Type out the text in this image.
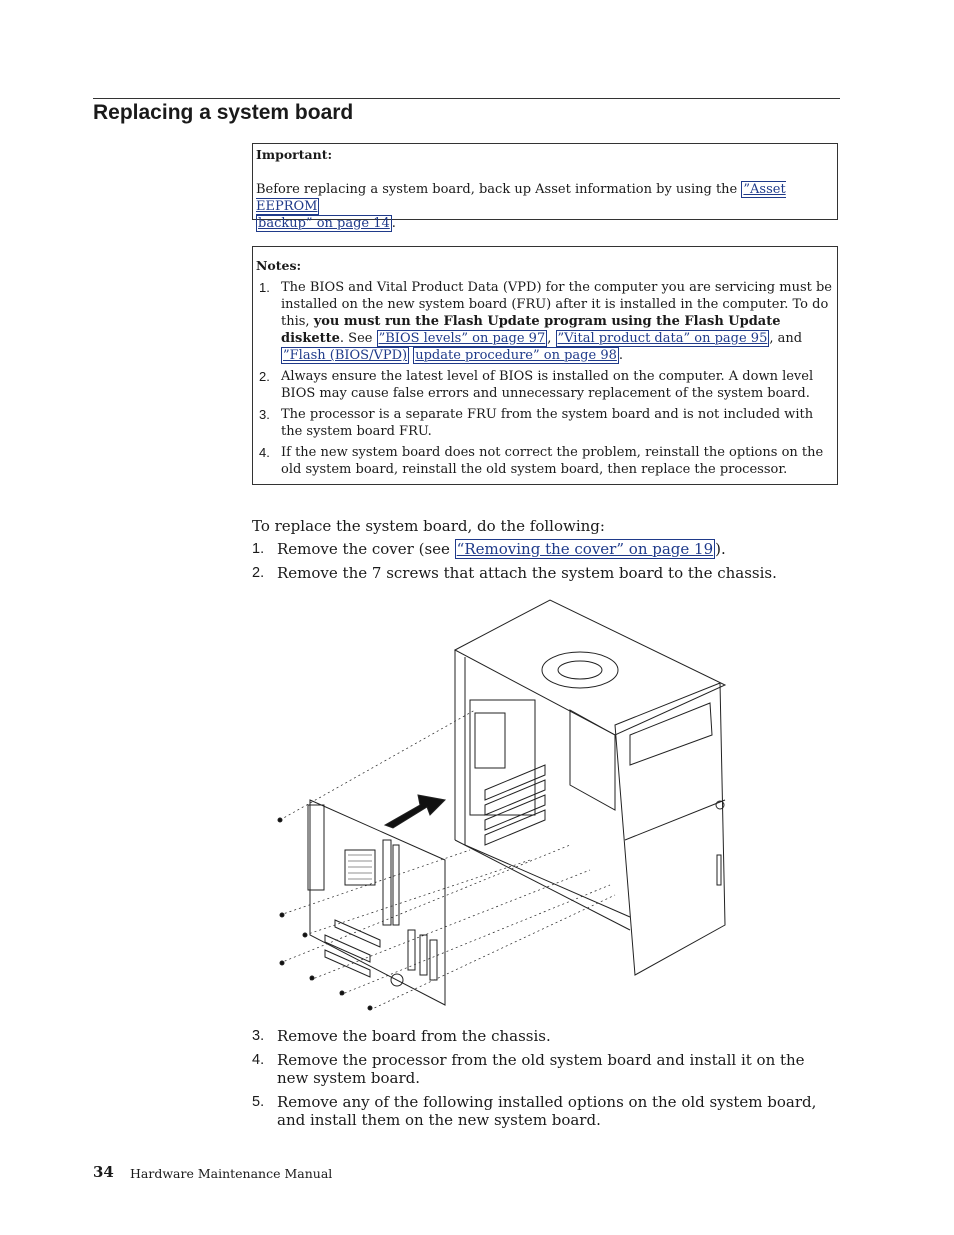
Replacing a system board
Important:
Before replacing a system board, back up Asset information by using the ”Asset EEPROM
backup” on page 14 .
Notes:
1. The BIOS and Vital Product Data (VPD) for the computer you are servicing must be installed on the new system board (FRU) after it is installed in the computer. To do this, you must run the Flash Update program using the Flash Update diskette. See ”BIOS levels” on page 97 , ”Vital product data” on page 95 , and ”Flash (BIOS/VPD) update procedure” on page 98 .
2. Always ensure the latest level of BIOS is installed on the computer. A down level BIOS may cause false errors and unnecessary replacement of the system board.
3. The processor is a separate FRU from the system board and is not included with the system board FRU.
4. If the new system board does not correct the problem, reinstall the options on the old system board, reinstall the old system board, then replace the processor.
To replace the system board, do the following:
1. Remove the cover (see “Removing the cover” on page 19 ).
2. Remove the 7 screws that attach the system board to the chassis.
3. Remove the board from the chassis.
4. Remove the processor from the old system board and install it on the new system board.
5. Remove any of the following installed options on the old system board, and install them on the new system board.
34 Hardware Maintenance Manual
